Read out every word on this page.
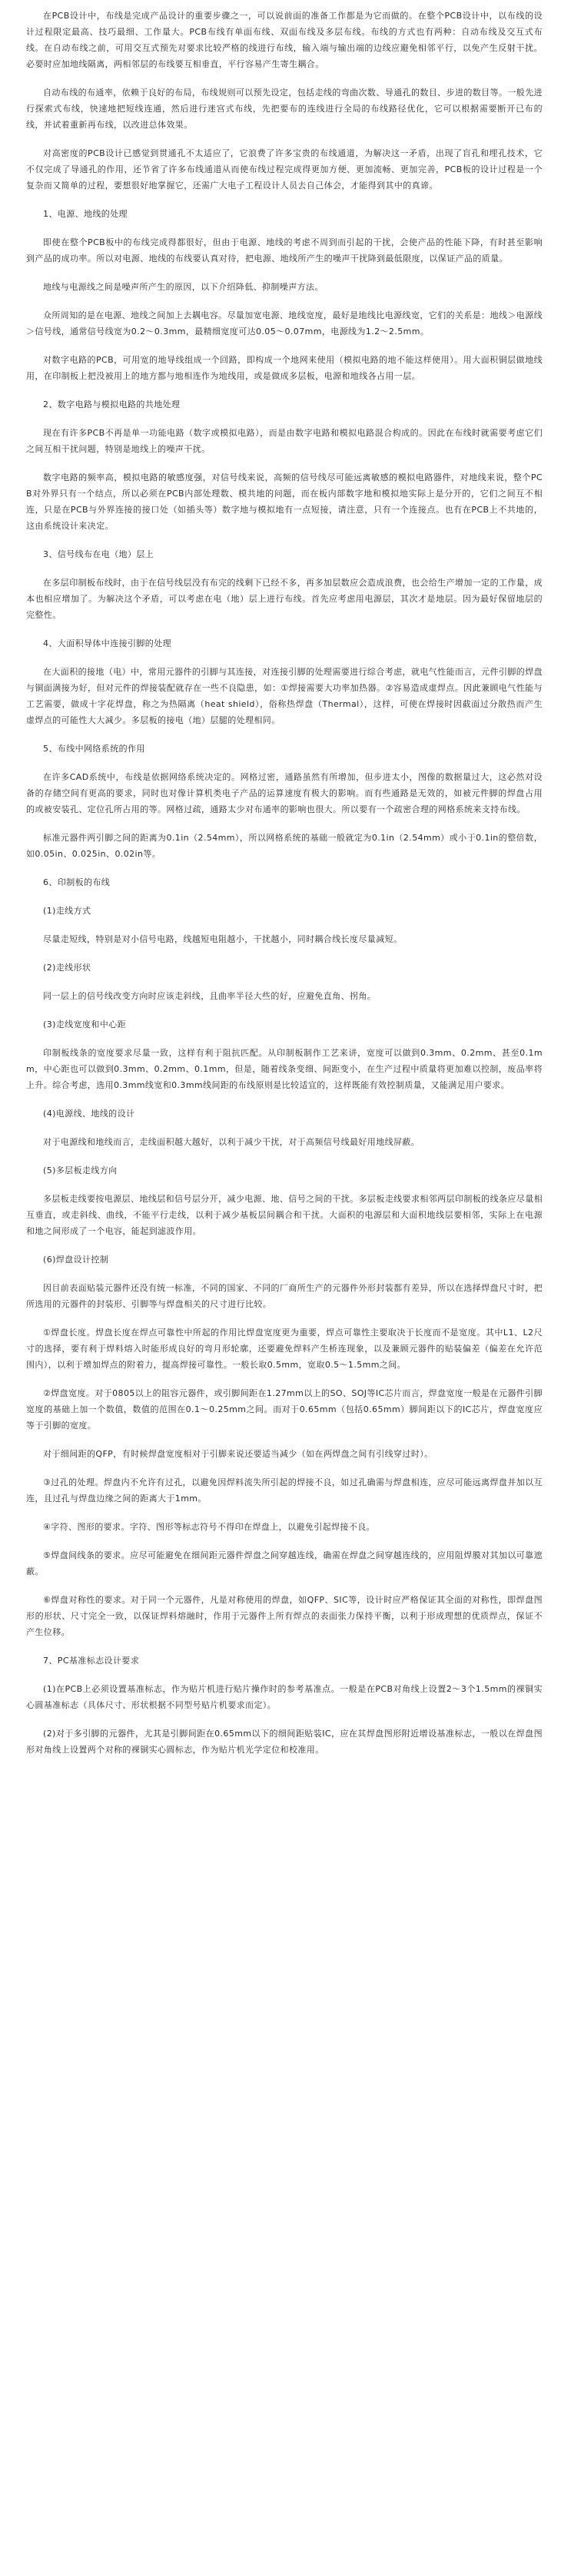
在PCB设计中，布线是完成产品设计的重要步骤之一，可以说前面的准备工作都是为它而做的。在整个PCB设计中，以布线的设计过程限定最高、技巧最细、工作量大。PCB布线有单面布线、双面布线及多层布线。布线的方式也有两种：自动布线及交互式布线。在自动布线之前，可用交互式预先对要求比较严格的线进行布线，输入端与输出端的边线应避免相邻平行，以免产生反射干扰。必要时应加地线隔离，两相邻层的布线要互相垂直，平行容易产生寄生耦合。

自动布线的布通率，依赖于良好的布局，布线规则可以预先设定，包括走线的弯曲次数、导通孔的数目、步进的数目等。一般先进行探索式布线，快速地把短线连通，然后进行迷宫式布线，先把要布的连线进行全局的布线路径优化，它可以根据需要断开已布的线，并试着重新再布线，以改进总体效果。

对高密度的PCB设计已感觉到贯通孔不太适应了，它浪费了许多宝贵的布线通道，为解决这一矛盾，出现了盲孔和埋孔技术，它不仅完成了导通孔的作用，还节省了许多布线通道从而使布线过程完成得更加方便、更加流畅、更加完善，PCB板的设计过程是一个复杂而又简单的过程，要想很好地掌握它，还需广大电子工程设计人员去自己体会，才能得到其中的真谛。

1、电源、地线的处理

即使在整个PCB板中的布线完成得都很好，但由于电源、地线的考虑不周到而引起的干扰，会使产品的性能下降，有时甚至影响到产品的成功率。所以对电源、地线的布线要认真对待，把电源、地线所产生的噪声干扰降到最低限度，以保证产品的质量。

地线与电源线之间是噪声所产生的原因，以下介绍降低、抑制噪声方法。

众所周知的是在电源、地线之间加上去耦电容。尽量加宽电源、地线宽度，最好是地线比电源线宽，它们的关系是：地线＞电源线＞信号线，通常信号线宽为0.2～0.3mm，最精细宽度可达0.05～0.07mm，电源线为1.2～2.5mm。

对数字电路的PCB，可用宽的地导线组成一个回路，即构成一个地网来使用（模拟电路的地不能这样使用）。用大面积铜层做地线用，在印制板上把没被用上的地方都与地相连作为地线用，或是做成多层板，电源和地线各占用一层。

2、数字电路与模拟电路的共地处理

现在有许多PCB不再是单一功能电路（数字或模拟电路），而是由数字电路和模拟电路混合构成的。因此在布线时就需要考虑它们之间互相干扰问题，特别是地线上的噪声干扰。

数字电路的频率高，模拟电路的敏感度强，对信号线来说，高频的信号线尽可能远离敏感的模拟电路器件，对地线来说，整个PCB对外界只有一个结点，所以必须在PCB内部处理数、模共地的问题，而在板内部数字地和模拟地实际上是分开的，它们之间互不相连，只是在PCB与外界连接的接口处（如插头等）数字地与模拟地有一点短接，请注意，只有一个连接点。也有在PCB上不共地的，这由系统设计来决定。

3、信号线布在电（地）层上

在多层印制板布线时，由于在信号线层没有布完的线剩下已经不多，再多加层数应会造成浪费，也会给生产增加一定的工作量，成本也相应增加了。为解决这个矛盾，可以考虑在电（地）层上进行布线。首先应考虑用电源层，其次才是地层。因为最好保留地层的完整性。

4、大面积导体中连接引脚的处理

在大面积的接地（电）中，常用元器件的引脚与其连接，对连接引脚的处理需要进行综合考虑，就电气性能而言，元件引脚的焊盘与铜面满接为好，但对元件的焊接装配就存在一些不良隐患，如：①焊接需要大功率加热器。②容易造成虚焊点。因此兼顾电气性能与工艺需要，做成十字花焊盘，称之为热隔离（heat shield），俗称热焊盘（Thermal），这样，可使在焊接时因截面过分散热而产生虚焊点的可能性大大减少。多层板的接电（地）层腿的处理相同。

5、布线中网络系统的作用

在许多CAD系统中，布线是依据网络系统决定的。网格过密，通路虽然有所增加，但步进太小，图像的数据量过大，这必然对设备的存储空间有更高的要求，同时也对像计算机类电子产品的运算速度有极大的影响。而有些通路是无效的，如被元件脚的焊盘占用的或被安装孔、定位孔所占用的等。网格过疏，通路太少对布通率的影响也很大。所以要有一个疏密合理的网格系统来支持布线。

标准元器件两引脚之间的距离为0.1in（2.54mm），所以网格系统的基础一般就定为0.1in（2.54mm）或小于0.1in的整倍数，如0.05in、0.025in、0.02in等。

6、印制板的布线

(1)走线方式

尽量走短线，特别是对小信号电路，线越短电阻越小，干扰越小，同时耦合线长度尽量减短。

(2)走线形状

同一层上的信号线改变方向时应该走斜线，且曲率半径大些的好，应避免直角、拐角。

(3)走线宽度和中心距

印制板线条的宽度要求尽量一致，这样有利于阻抗匹配。从印制板制作工艺来讲，宽度可以做到0.3mm、0.2mm、甚至0.1mm，中心距也可以做到0.3mm、0.2mm、0.1mm，但是，随着线条变细、间距变小，在生产过程中质量将更加难以控制，废品率将上升。综合考虑，选用0.3mm线宽和0.3mm线间距的布线原则是比较适宜的，这样既能有效控制质量，又能满足用户要求。

(4)电源线、地线的设计

对于电源线和地线而言，走线面积越大越好，以利于减少干扰，对于高频信号线最好用地线屏蔽。

(5)多层板走线方向

多层板走线要按电源层、地线层和信号层分开，减少电源、地、信号之间的干扰。多层板走线要求相邻两层印制板的线条应尽量相互垂直，或走斜线、曲线，不能平行走线，以利于减少基板层间耦合和干扰。大面积的电源层和大面积地线层要相邻，实际上在电源和地之间形成了一个电容，能起到滤波作用。

(6)焊盘设计控制

因目前表面贴装元器件还没有统一标准，不同的国家、不同的厂商所生产的元器件外形封装都有差异，所以在选择焊盘尺寸时，把所选用的元器件的封装形、引脚等与焊盘相关的尺寸进行比较。

①焊盘长度。焊盘长度在焊点可靠性中所起的作用比焊盘宽度更为重要，焊点可靠性主要取决于长度而不是宽度。其中L1、L2尺寸的选择，要有利于焊料熔入时能形成良好的弯月形轮廓，还要避免焊料产生桥连现象，以及兼顾元器件的贴装偏差（偏差在允许范围内），以利于增加焊点的附着力，提高焊接可靠性。一般长取0.5mm，宽取0.5～1.5mm之间。

②焊盘宽度。对于0805以上的阻容元器件，或引脚间距在1.27mm以上的SO、SOJ等IC芯片而言，焊盘宽度一般是在元器件引脚宽度的基础上加一个数值，数值的范围在0.1～0.25mm之间。而对于0.65mm（包括0.65mm）脚间距以下的IC芯片，焊盘宽度应等于引脚的宽度。

对于细间距的QFP，有时候焊盘宽度相对于引脚来说还要适当减少（如在两焊盘之间有引线穿过时）。

③过孔的处理。焊盘内不允许有过孔，以避免因焊料流失所引起的焊接不良，如过孔确需与焊盘相连，应尽可能远离焊盘并加以互连，且过孔与焊盘边缘之间的距离大于1mm。

④字符、图形的要求。字符、图形等标志符号不得印在焊盘上，以避免引起焊接不良。

⑤焊盘间线条的要求。应尽可能避免在细间距元器件焊盘之间穿越连线，确需在焊盘之间穿越连线的，应用阻焊膜对其加以可靠遮蔽。

⑥焊盘对称性的要求。对于同一个元器件，凡是对称使用的焊盘，如QFP、SIC等，设计时应严格保证其全面的对称性，即焊盘图形的形状、尺寸完全一致，以保证焊料熔融时，作用于元器件上所有焊点的表面张力保持平衡，以利于形成理想的优质焊点，保证不产生位移。

7、PC基准标志设计要求

(1)在PCB上必须设置基准标志，作为贴片机进行贴片操作时的参考基准点。一般是在PCB对角线上设置2～3个1.5mm的裸铜实心圆基准标志（具体尺寸、形状根据不同型号贴片机要求而定）。

(2)对于多引脚的元器件，尤其是引脚间距在0.65mm以下的细间距贴装IC，应在其焊盘图形附近增设基准标志，一般以在焊盘图形对角线上设置两个对称的裸铜实心圆标志，作为贴片机光学定位和校准用。
